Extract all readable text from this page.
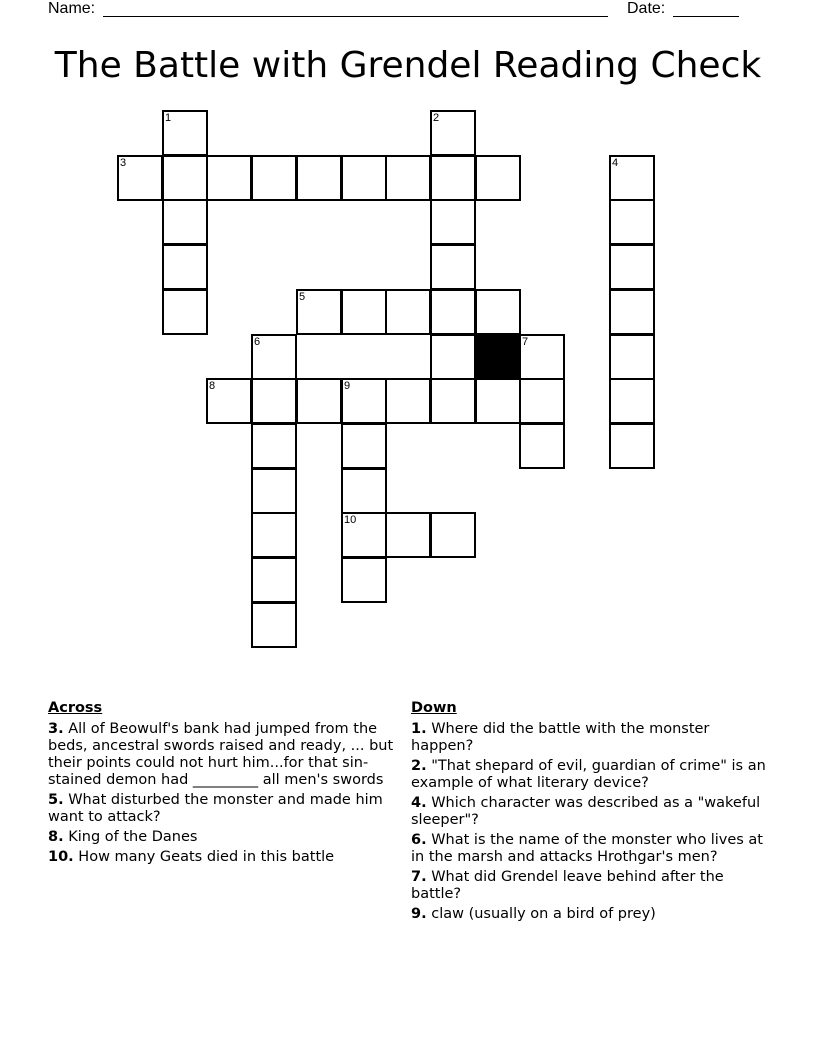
Name:	Date:
The Battle with Grendel Reading Check
1	2
3	4
5
6	7
8	9
10
Across
3. All of Beowulf's bank had jumped from the beds, ancestral swords raised and ready, ... but their points could not hurt him...for that sin-stained demon had _________ all men's swords
5. What disturbed the monster and made him want to attack?
8. King of the Danes
10. How many Geats died in this battle
Down
1. Where did the battle with the monster happen?
2. "That shepard of evil, guardian of crime" is an example of what literary device?
4. Which character was described as a "wakeful sleeper"?
6. What is the name of the monster who lives at in the marsh and attacks Hrothgar's men?
7. What did Grendel leave behind after the battle?
9. claw (usually on a bird of prey)
